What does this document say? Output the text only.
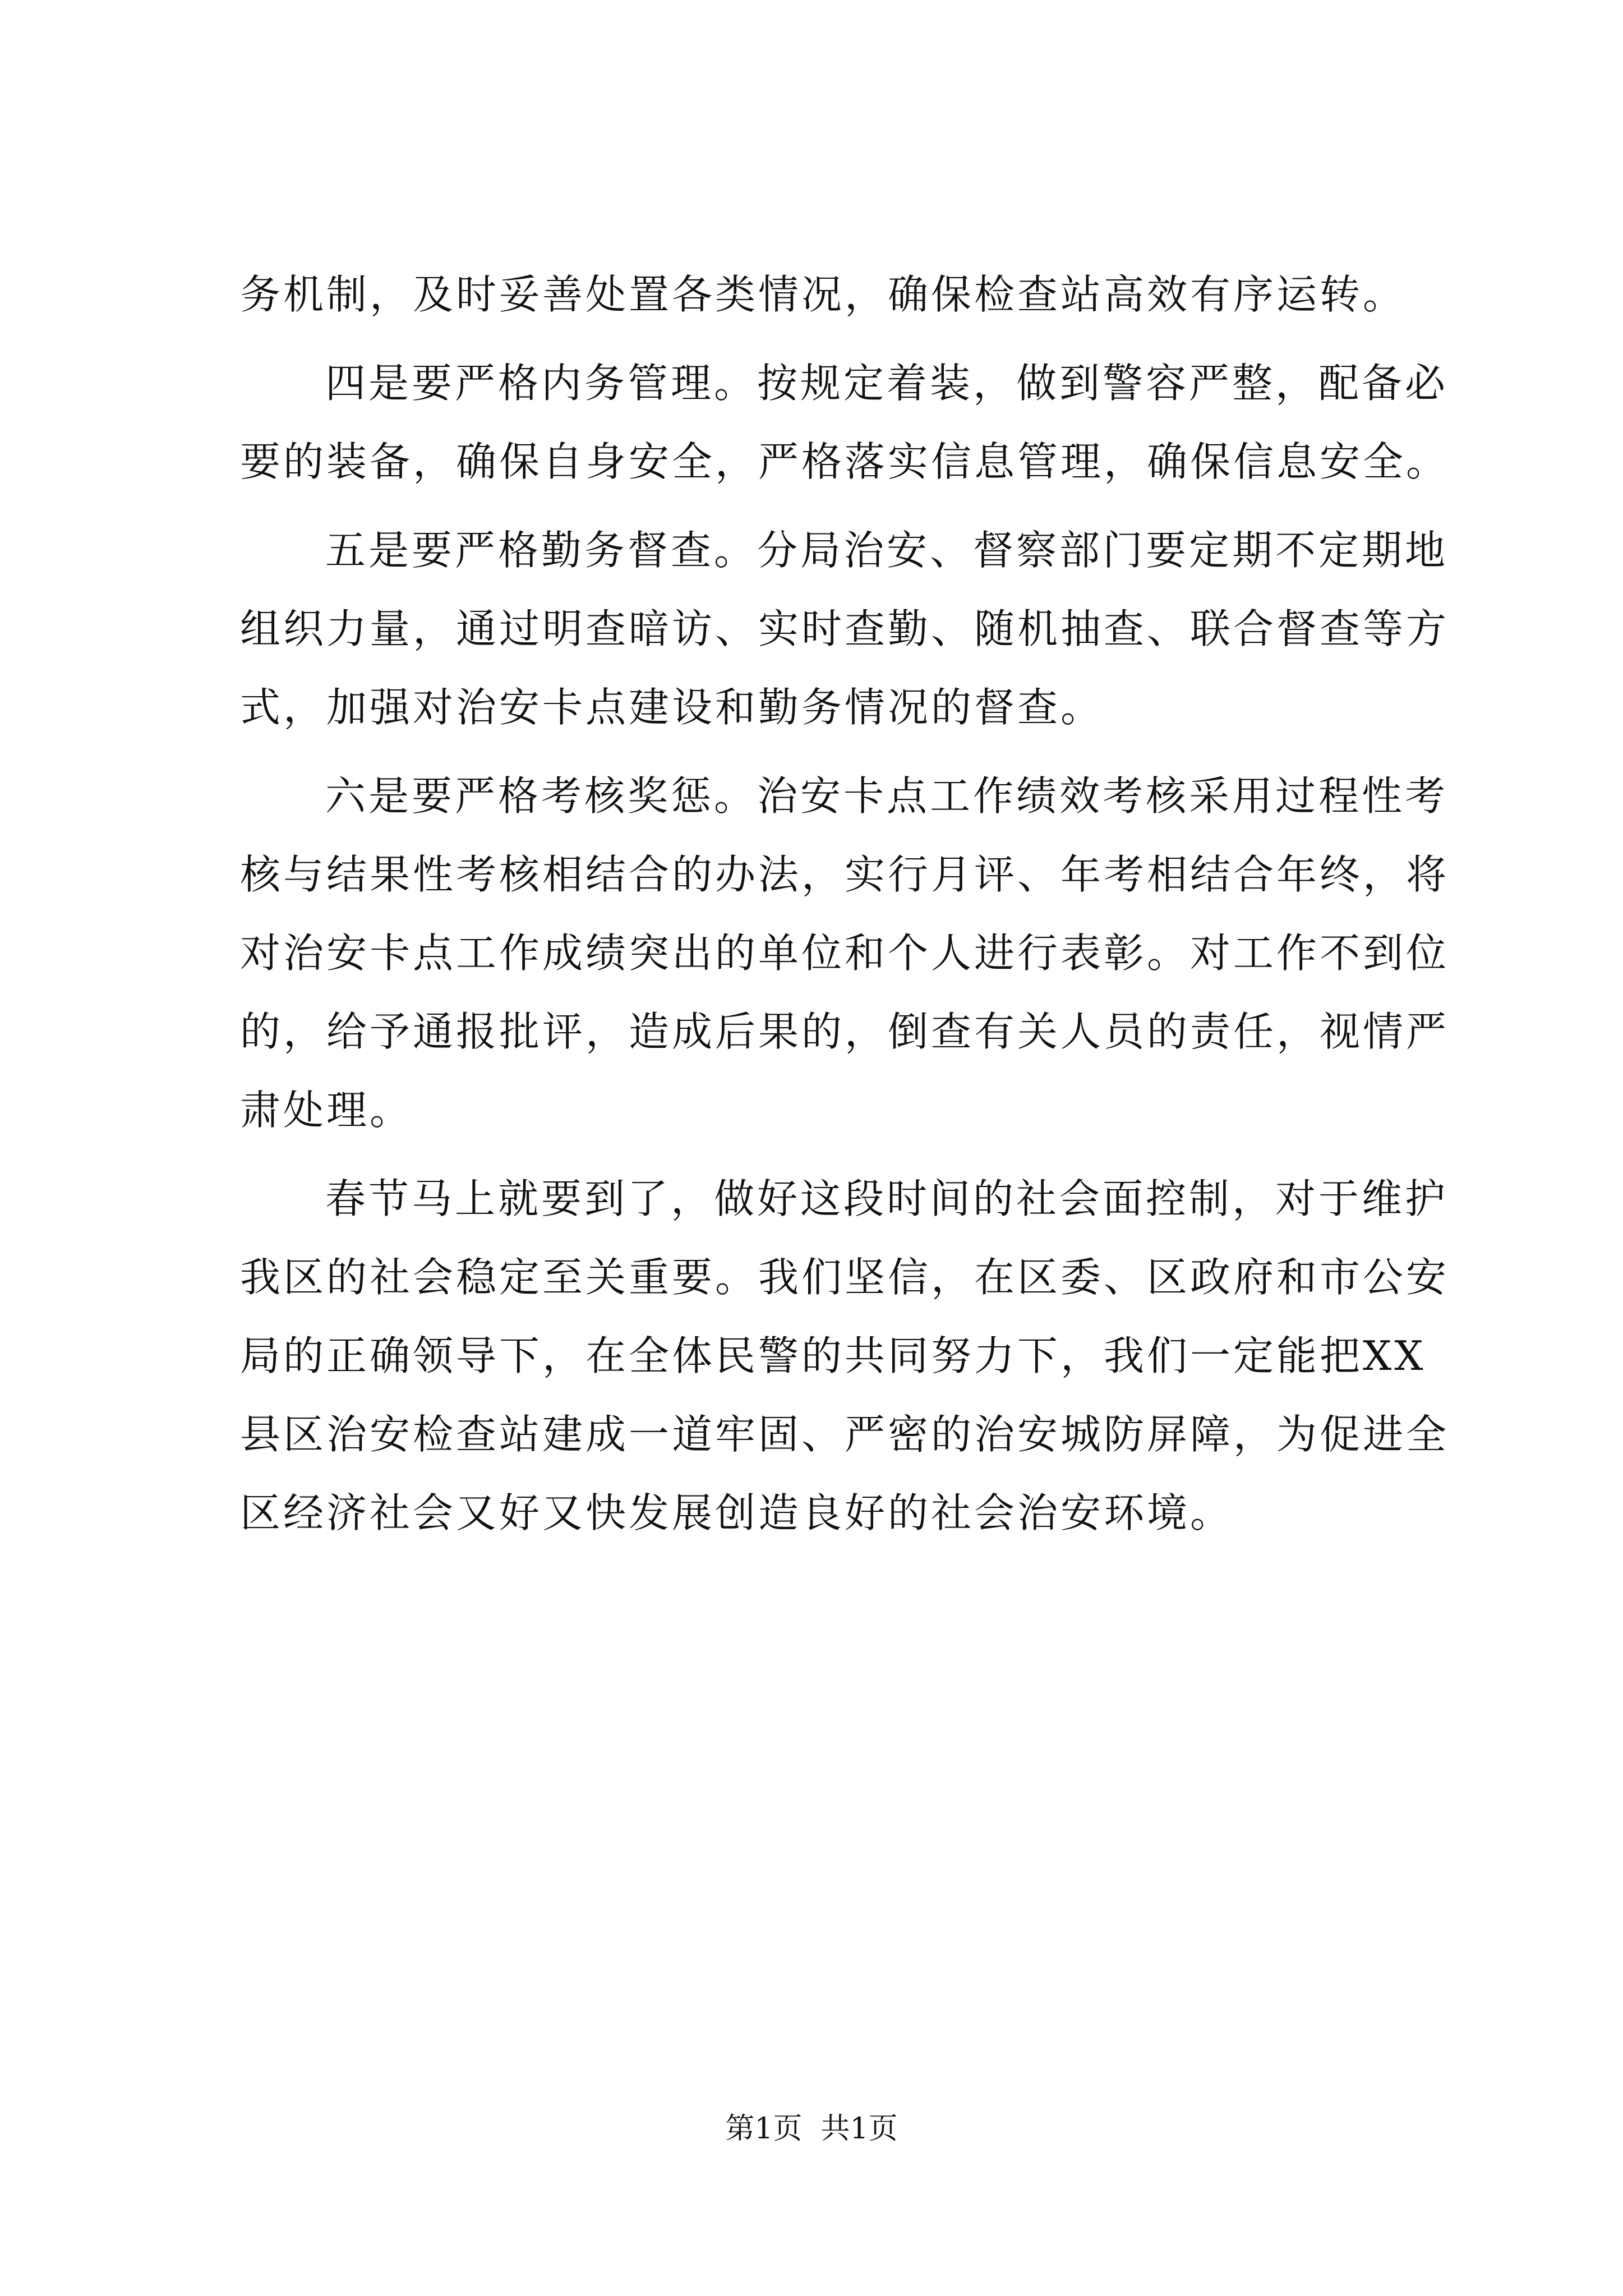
务机制，及时妥善处置各类情况，确保检查站高效有序运转。
四是要严格内务管理。按规定着装，做到警容严整，配备必
要的装备，确保自身安全，严格落实信息管理，确保信息安全。
五是要严格勤务督查。分局治安、督察部门要定期不定期地
组织力量，通过明查暗访、实时查勤、随机抽查、联合督查等方
式，加强对治安卡点建设和勤务情况的督查。
六是要严格考核奖惩。治安卡点工作绩效考核采用过程性考
核与结果性考核相结合的办法，实行月评、年考相结合年终，将
对治安卡点工作成绩突出的单位和个人进行表彰。对工作不到位
的，给予通报批评，造成后果的，倒查有关人员的责任，视情严
肃处理。
春节马上就要到了，做好这段时间的社会面控制，对于维护
我区的社会稳定至关重要。我们坚信，在区委、区政府和市公安
局的正确领导下，在全体民警的共同努力下，我们一定能把XX
县区治安检查站建成一道牢固、严密的治安城防屏障，为促进全
区经济社会又好又快发展创造良好的社会治安环境。
第1页 共1页
